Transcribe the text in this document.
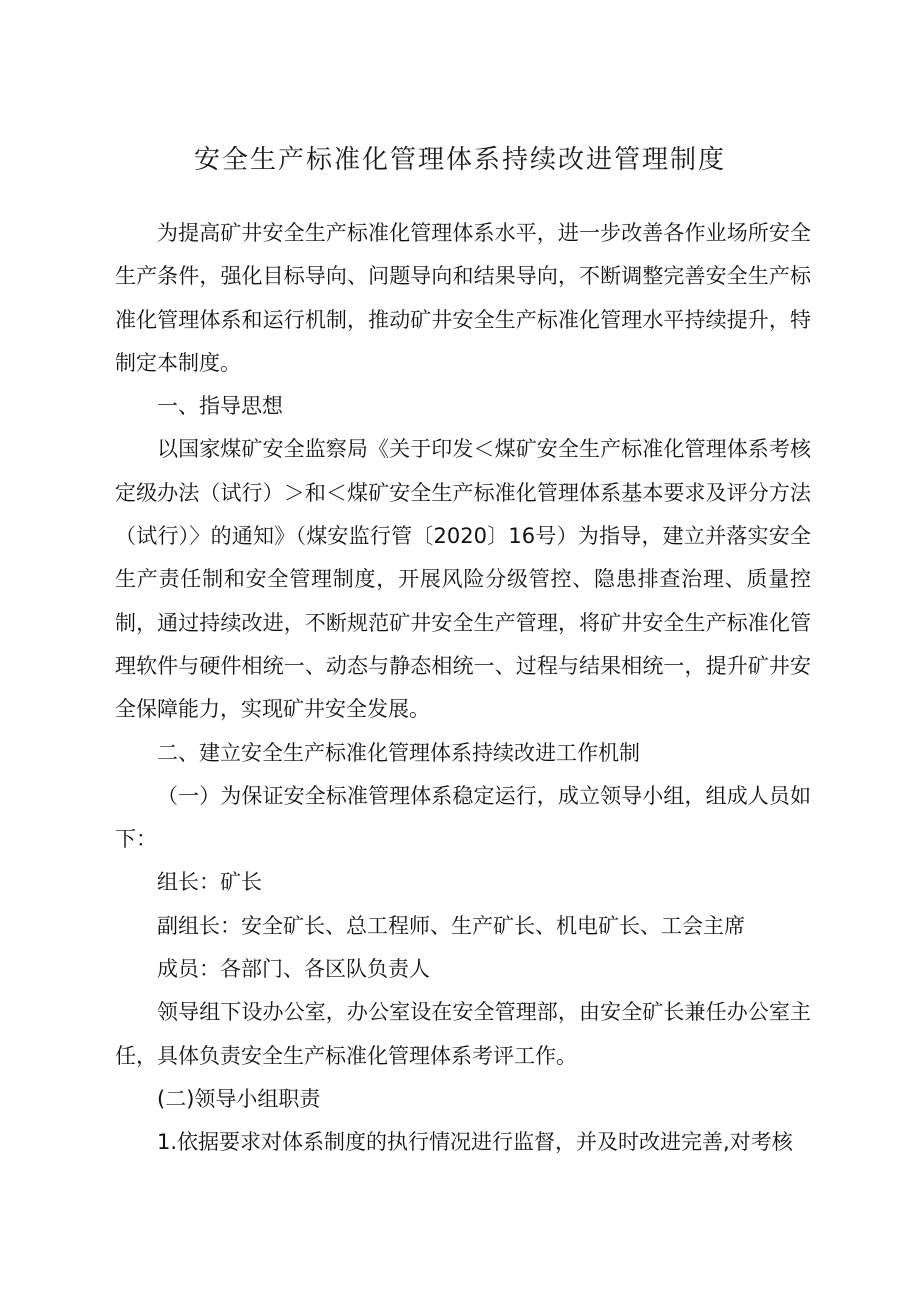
安全生产标准化管理体系持续改进管理制度

为提高矿井安全生产标准化管理体系水平，进一步改善各作业场所安全生产条件，强化目标导向、问题导向和结果导向，不断调整完善安全生产标准化管理体系和运行机制，推动矿井安全生产标准化管理水平持续提升，特制定本制度。

一、指导思想

以国家煤矿安全监察局《关于印发＜煤矿安全生产标准化管理体系考核定级办法（试行）＞和＜煤矿安全生产标准化管理体系基本要求及评分方法（试行）〉的通知》（煤安监行管〔2020〕16号）为指导，建立并落实安全生产责任制和安全管理制度，开展风险分级管控、隐患排查治理、质量控制，通过持续改进，不断规范矿井安全生产管理，将矿井安全生产标准化管理软件与硬件相统一、动态与静态相统一、过程与结果相统一，提升矿井安全保障能力，实现矿井安全发展。

二、建立安全生产标准化管理体系持续改进工作机制

（一）为保证安全标准管理体系稳定运行，成立领导小组，组成人员如下：

组长：矿长

副组长：安全矿长、总工程师、生产矿长、机电矿长、工会主席

成员：各部门、各区队负责人

领导组下设办公室，办公室设在安全管理部，由安全矿长兼任办公室主任，具体负责安全生产标准化管理体系考评工作。

(二)领导小组职责

1.依据要求对体系制度的执行情况进行监督，并及时改进完善,对考核
